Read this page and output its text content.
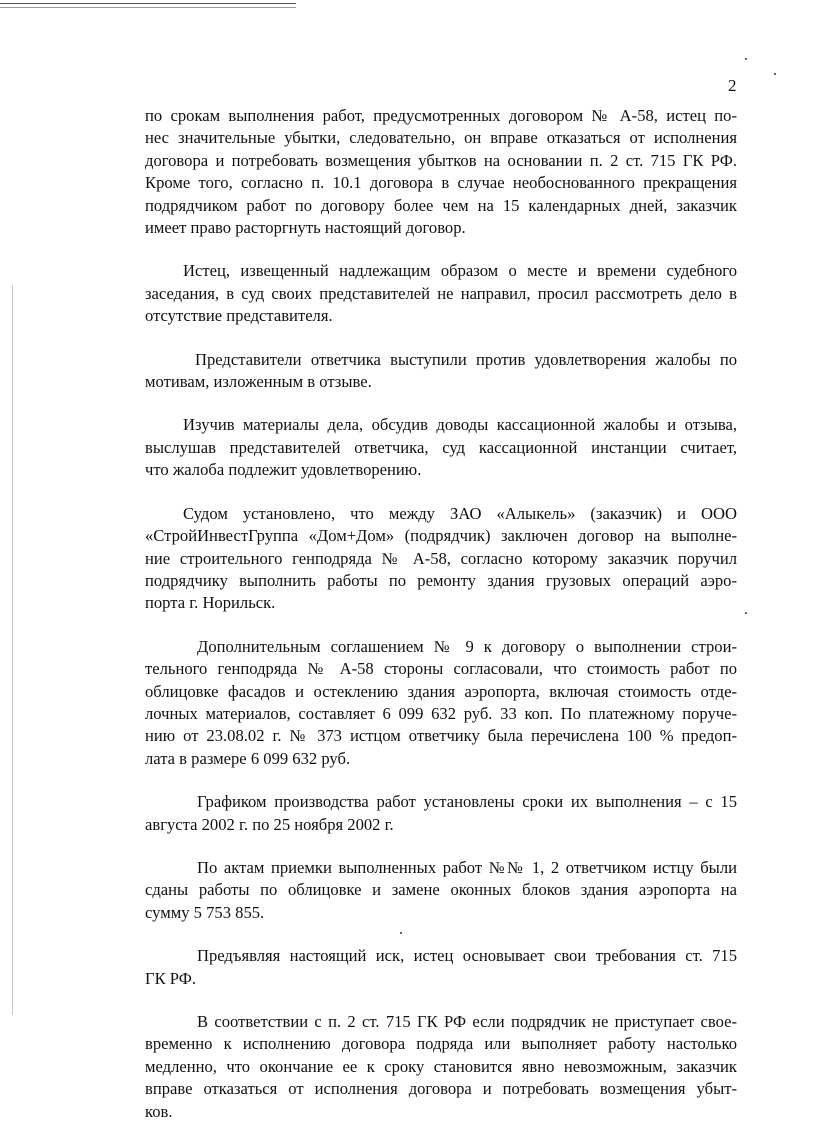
2

по срокам выполнения работ, предусмотренных договором № А-58, истец по-
нес значительные убытки, следовательно, он вправе отказаться от исполнения
договора и потребовать возмещения убытков на основании п. 2 ст. 715 ГК РФ.
Кроме того, согласно п. 10.1 договора в случае необоснованного прекращения
подрядчиком работ по договору более чем на 15 календарных дней, заказчик
имеет право расторгнуть настоящий договор.

Истец, извещенный надлежащим образом о месте и времени судебного
заседания, в суд своих представителей не направил, просил рассмотреть дело в
отсутствие представителя.

Представители ответчика выступили против удовлетворения жалобы по
мотивам, изложенным в отзыве.

Изучив материалы дела, обсудив доводы кассационной жалобы и отзыва,
выслушав представителей ответчика, суд кассационной инстанции считает,
что жалоба подлежит удовлетворению.

Судом установлено, что между ЗАО «Алыкель» (заказчик) и ООО
«СтройИнвестГруппа «Дом+Дом» (подрядчик) заключен договор на выполне-
ние строительного генподряда № А-58, согласно которому заказчик поручил
подрядчику выполнить работы по ремонту здания грузовых операций аэро-
порта г. Норильск.

Дополнительным соглашением № 9 к договору о выполнении строи-
тельного генподряда № А-58 стороны согласовали, что стоимость работ по
облицовке фасадов и остеклению здания аэропорта, включая стоимость отде-
лочных материалов, составляет 6 099 632 руб. 33 коп. По платежному поруче-
нию от 23.08.02 г. № 373 истцом ответчику была перечислена 100 % предоп-
лата в размере 6 099 632 руб.

Графиком производства работ установлены сроки их выполнения – с 15
августа 2002 г. по 25 ноября 2002 г.

По актам приемки выполненных работ №№ 1, 2 ответчиком истцу были
сданы работы по облицовке и замене оконных блоков здания аэропорта на
сумму 5 753 855.

Предъявляя настоящий иск, истец основывает свои требования ст. 715
ГК РФ.

В соответствии с п. 2 ст. 715 ГК РФ если подрядчик не приступает свое-
временно к исполнению договора подряда или выполняет работу настолько
медленно, что окончание ее к сроку становится явно невозможным, заказчик
вправе отказаться от исполнения договора и потребовать возмещения убыт-
ков.
